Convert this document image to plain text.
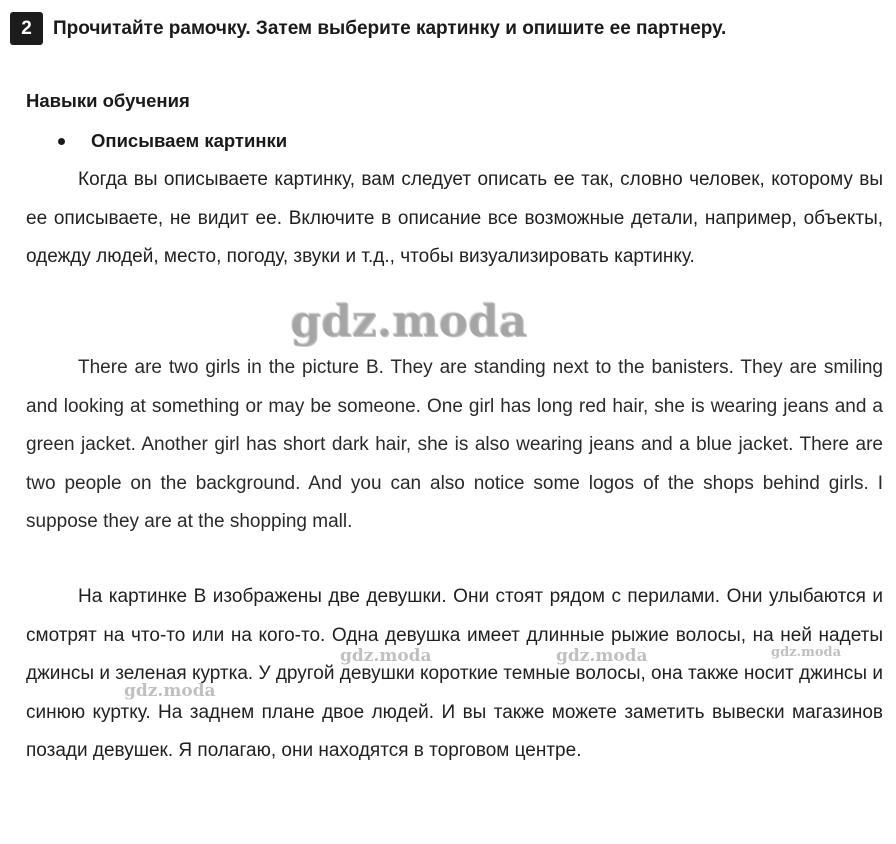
2	Прочитайте рамочку. Затем выберите картинку и опишите ее партнеру.
Навыки обучения
Описываем картинки

Когда вы описываете картинку, вам следует описать ее так, словно человек, которому вы ее описываете, не видит ее. Включите в описание все возможные детали, например, объекты, одежду людей, место, погоду, звуки и т.д., чтобы визуализировать картинку.

gdz.moda

There are two girls in the picture B. They are standing next to the banisters. They are smiling and looking at something or may be someone. One girl has long red hair, she is wearing jeans and a green jacket. Another girl has short dark hair, she is also wearing jeans and a blue jacket. There are two people on the background. And you can also notice some logos of the shops behind girls. I suppose they are at the shopping mall.

На картинке В изображены две девушки. Они стоят рядом с перилами. Они улыбаются и смотрят на что-то или на кого-то. Одна девушка имеет длинные рыжие волосы, на ней надеты джинсы и зеленая куртка. У другой девушки короткие темные волосы, она также носит джинсы и синюю куртку. На заднем плане двое людей. И вы также можете заметить вывески магазинов позади девушек. Я полагаю, они находятся в торговом центре.

gdz.moda	gdz.moda	gdz.moda
gdz.moda
